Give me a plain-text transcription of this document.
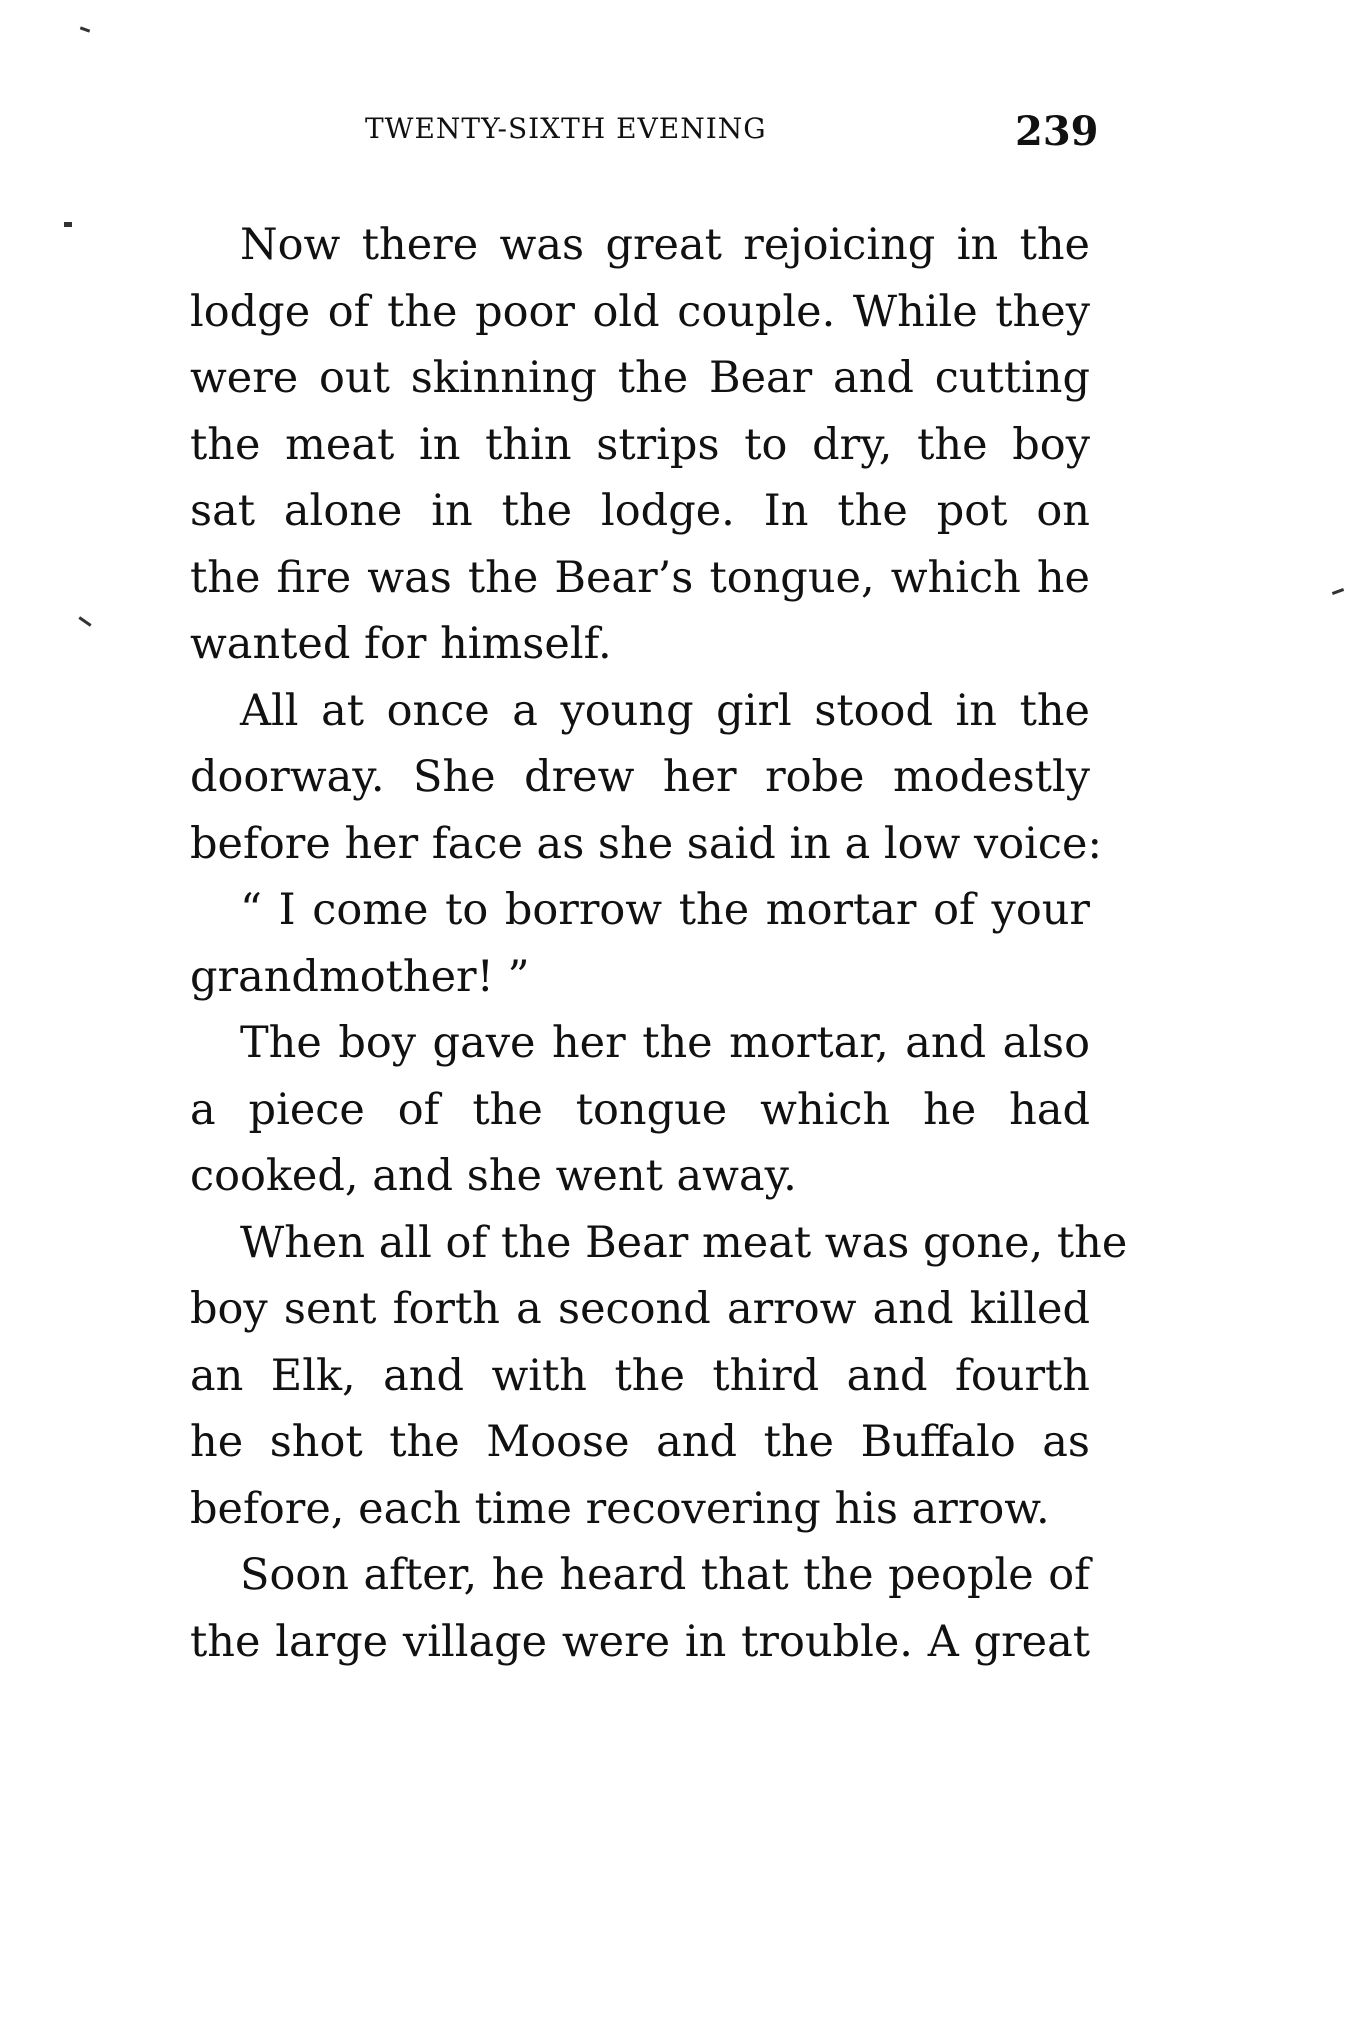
TWENTY-SIXTH EVENING	239
Now there was great rejoicing in the
lodge of the poor old couple. While they
were out skinning the Bear and cutting
the meat in thin strips to dry, the boy
sat alone in the lodge. In the pot on
the fire was the Bear’s tongue, which he
wanted for himself.
All at once a young girl stood in the
doorway. She drew her robe modestly
before her face as she said in a low voice:
“ I come to borrow the mortar of your
grandmother! ”
The boy gave her the mortar, and also
a piece of the tongue which he had
cooked, and she went away.
When all of the Bear meat was gone, the
boy sent forth a second arrow and killed
an Elk, and with the third and fourth
he shot the Moose and the Buffalo as
before, each time recovering his arrow.
Soon after, he heard that the people of
the large village were in trouble. A great
